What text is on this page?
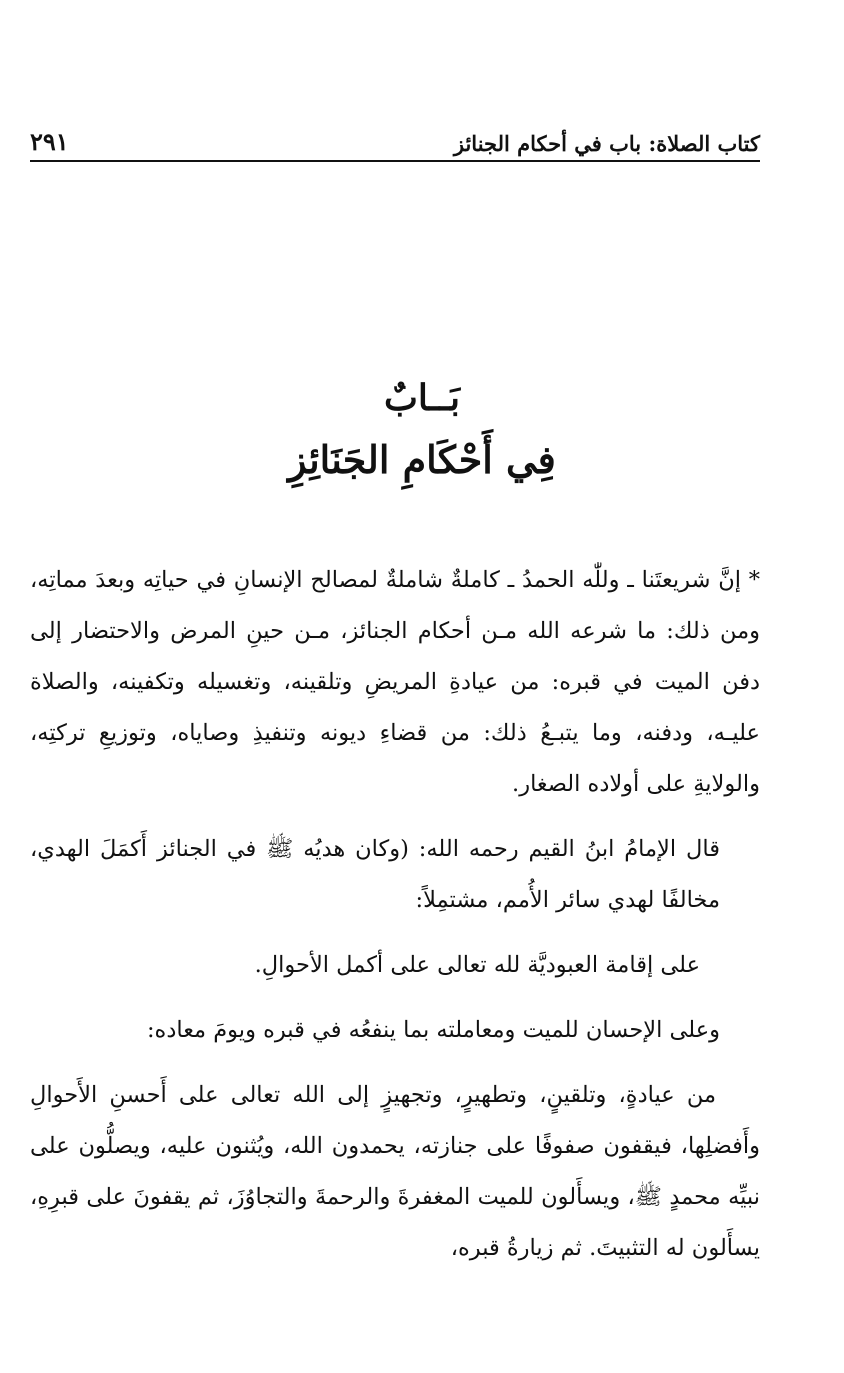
كتاب الصلاة: باب في أحكام الجنائز
٢٩١
بَــابٌ
فِي أَحْكَامِ الجَنَائِزِ

* إنَّ شريعتَنا ـ وللّٰه الحمدُ ـ كاملةٌ شاملةٌ لمصالح الإنسانِ في حياتِه وبعدَ مماتِه، ومن ذلك: ما شرعه الله مـن أحكام الجنائز، مـن حينِ المرض والاحتضار إلى دفن الميت في قبره: من عيادةِ المريضِ وتلقينه، وتغسيله وتكفينه، والصلاة عليـه، ودفنه، وما يتبـعُ ذلك: من قضاءِ ديونه وتنفيذِ وصاياه، وتوزيعِ تركتِه، والولايةِ على أولاده الصغار.

قال الإمامُ ابنُ القيم رحمه الله: (وكان هديُه ﷺ في الجنائز أَكمَلَ الهدي، مخالفًا لهدي سائر الأُمم، مشتمِلاً:

على إقامة العبوديَّة لله تعالى على أكمل الأحوالِ.

وعلى الإحسان للميت ومعاملته بما ينفعُه في قبره ويومَ معاده:

من عيادةٍ، وتلقينٍ، وتطهيرٍ، وتجهيزٍ إلى الله تعالى على أَحسنِ الأَحوالِ وأَفضلِها، فيقفون صفوفًا على جنازته، يحمدون الله، ويُثنون عليه، ويصلُّون على نبيِّه محمدٍ ﷺ، ويسأَلون للميت المغفرةَ والرحمةَ والتجاوُزَ، ثم يقفونَ على قبرِهِ، يسأَلون له التثبيتَ. ثم زيارةُ قبره،
